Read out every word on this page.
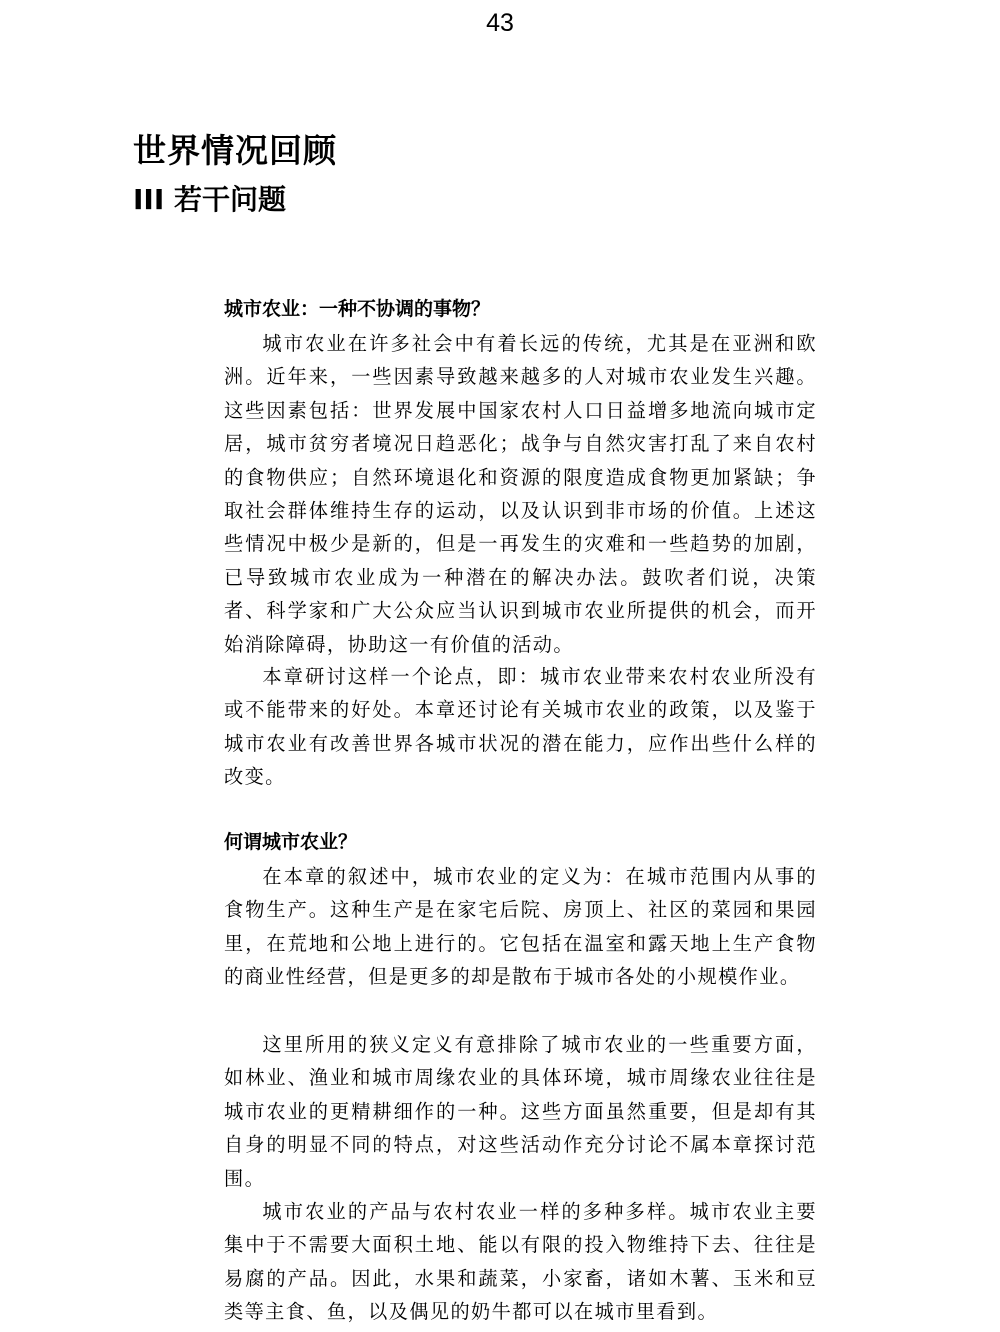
43
世界情况回顾
III 若干问题
城市农业：一种不协调的事物？

城市农业在许多社会中有着长远的传统，尤其是在亚洲和欧洲。近年来，一些因素导致越来越多的人对城市农业发生兴趣。这些因素包括：世界发展中国家农村人口日益增多地流向城市定居，城市贫穷者境况日趋恶化；战争与自然灾害打乱了来自农村的食物供应；自然环境退化和资源的限度造成食物更加紧缺；争取社会群体维持生存的运动，以及认识到非市场的价值。上述这些情况中极少是新的，但是一再发生的灾难和一些趋势的加剧，已导致城市农业成为一种潜在的解决办法。鼓吹者们说，决策者、科学家和广大公众应当认识到城市农业所提供的机会，而开始消除障碍，协助这一有价值的活动。

本章研讨这样一个论点，即：城市农业带来农村农业所没有或不能带来的好处。本章还讨论有关城市农业的政策，以及鉴于城市农业有改善世界各城市状况的潜在能力，应作出些什么样的改变。

何谓城市农业？

在本章的叙述中，城市农业的定义为：在城市范围内从事的食物生产。这种生产是在家宅后院、房顶上、社区的菜园和果园里，在荒地和公地上进行的。它包括在温室和露天地上生产食物的商业性经营，但是更多的却是散布于城市各处的小规模作业。

这里所用的狭义定义有意排除了城市农业的一些重要方面，如林业、渔业和城市周缘农业的具体环境，城市周缘农业往往是城市农业的更精耕细作的一种。这些方面虽然重要，但是却有其自身的明显不同的特点，对这些活动作充分讨论不属本章探讨范围。

城市农业的产品与农村农业一样的多种多样。城市农业主要集中于不需要大面积土地、能以有限的投入物维持下去、往往是易腐的产品。因此，水果和蔬菜，小家畜，诸如木薯、玉米和豆类等主食、鱼，以及偶见的奶牛都可以在城市里看到。
